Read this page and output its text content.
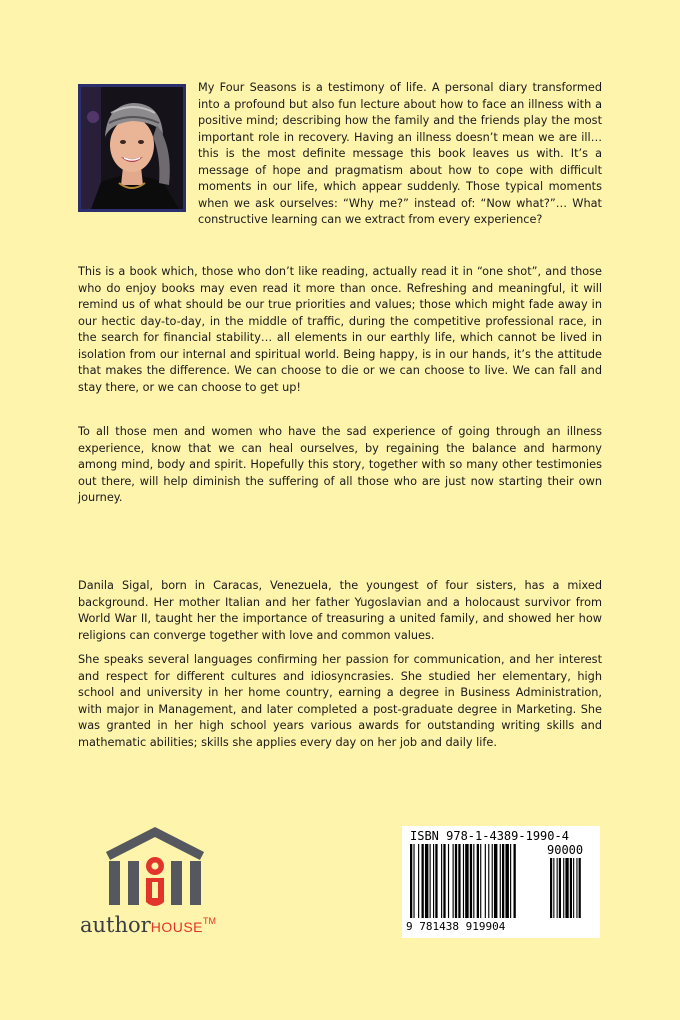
My Four Seasons is a testimony of life. A personal diary transformed into a profound but also fun lecture about how to face an illness with a positive mind; describing how the family and the friends play the most important role in recovery. Having an illness doesn’t mean we are ill… this is the most definite message this book leaves us with. It’s a message of hope and pragmatism about how to cope with difficult moments in our life, which appear suddenly. Those typical moments when we ask ourselves: “Why me?” instead of: “Now what?”… What constructive learning can we extract from every experience?

This is a book which, those who don’t like reading, actually read it in “one shot”, and those who do enjoy books may even read it more than once. Refreshing and meaningful, it will remind us of what should be our true priorities and values; those which might fade away in our hectic day-to-day, in the middle of traffic, during the competitive professional race, in the search for financial stability… all elements in our earthly life, which cannot be lived in isolation from our internal and spiritual world. Being happy, is in our hands, it’s the attitude that makes the difference. We can choose to die or we can choose to live. We can fall and stay there, or we can choose to get up!

To all those men and women who have the sad experience of going through an illness experience, know that we can heal ourselves, by regaining the balance and harmony among mind, body and spirit. Hopefully this story, together with so many other testimonies out there, will help diminish the suffering of all those who are just now starting their own journey.

Danila Sigal, born in Caracas, Venezuela, the youngest of four sisters, has a mixed background. Her mother Italian and her father Yugoslavian and a holocaust survivor from World War II, taught her the importance of treasuring a united family, and showed her how religions can converge together with love and common values.

She speaks several languages confirming her passion for communication, and her interest and respect for different cultures and idiosyncrasies. She studied her elementary, high school and university in her home country, earning a degree in Business Administration, with major in Management, and later completed a post-graduate degree in Marketing. She was granted in her high school years various awards for outstanding writing skills and mathematic abilities; skills she applies every day on her job and daily life.

authorHOUSE™
ISBN 978-1-4389-1990-4
90000
9 781438 919904
